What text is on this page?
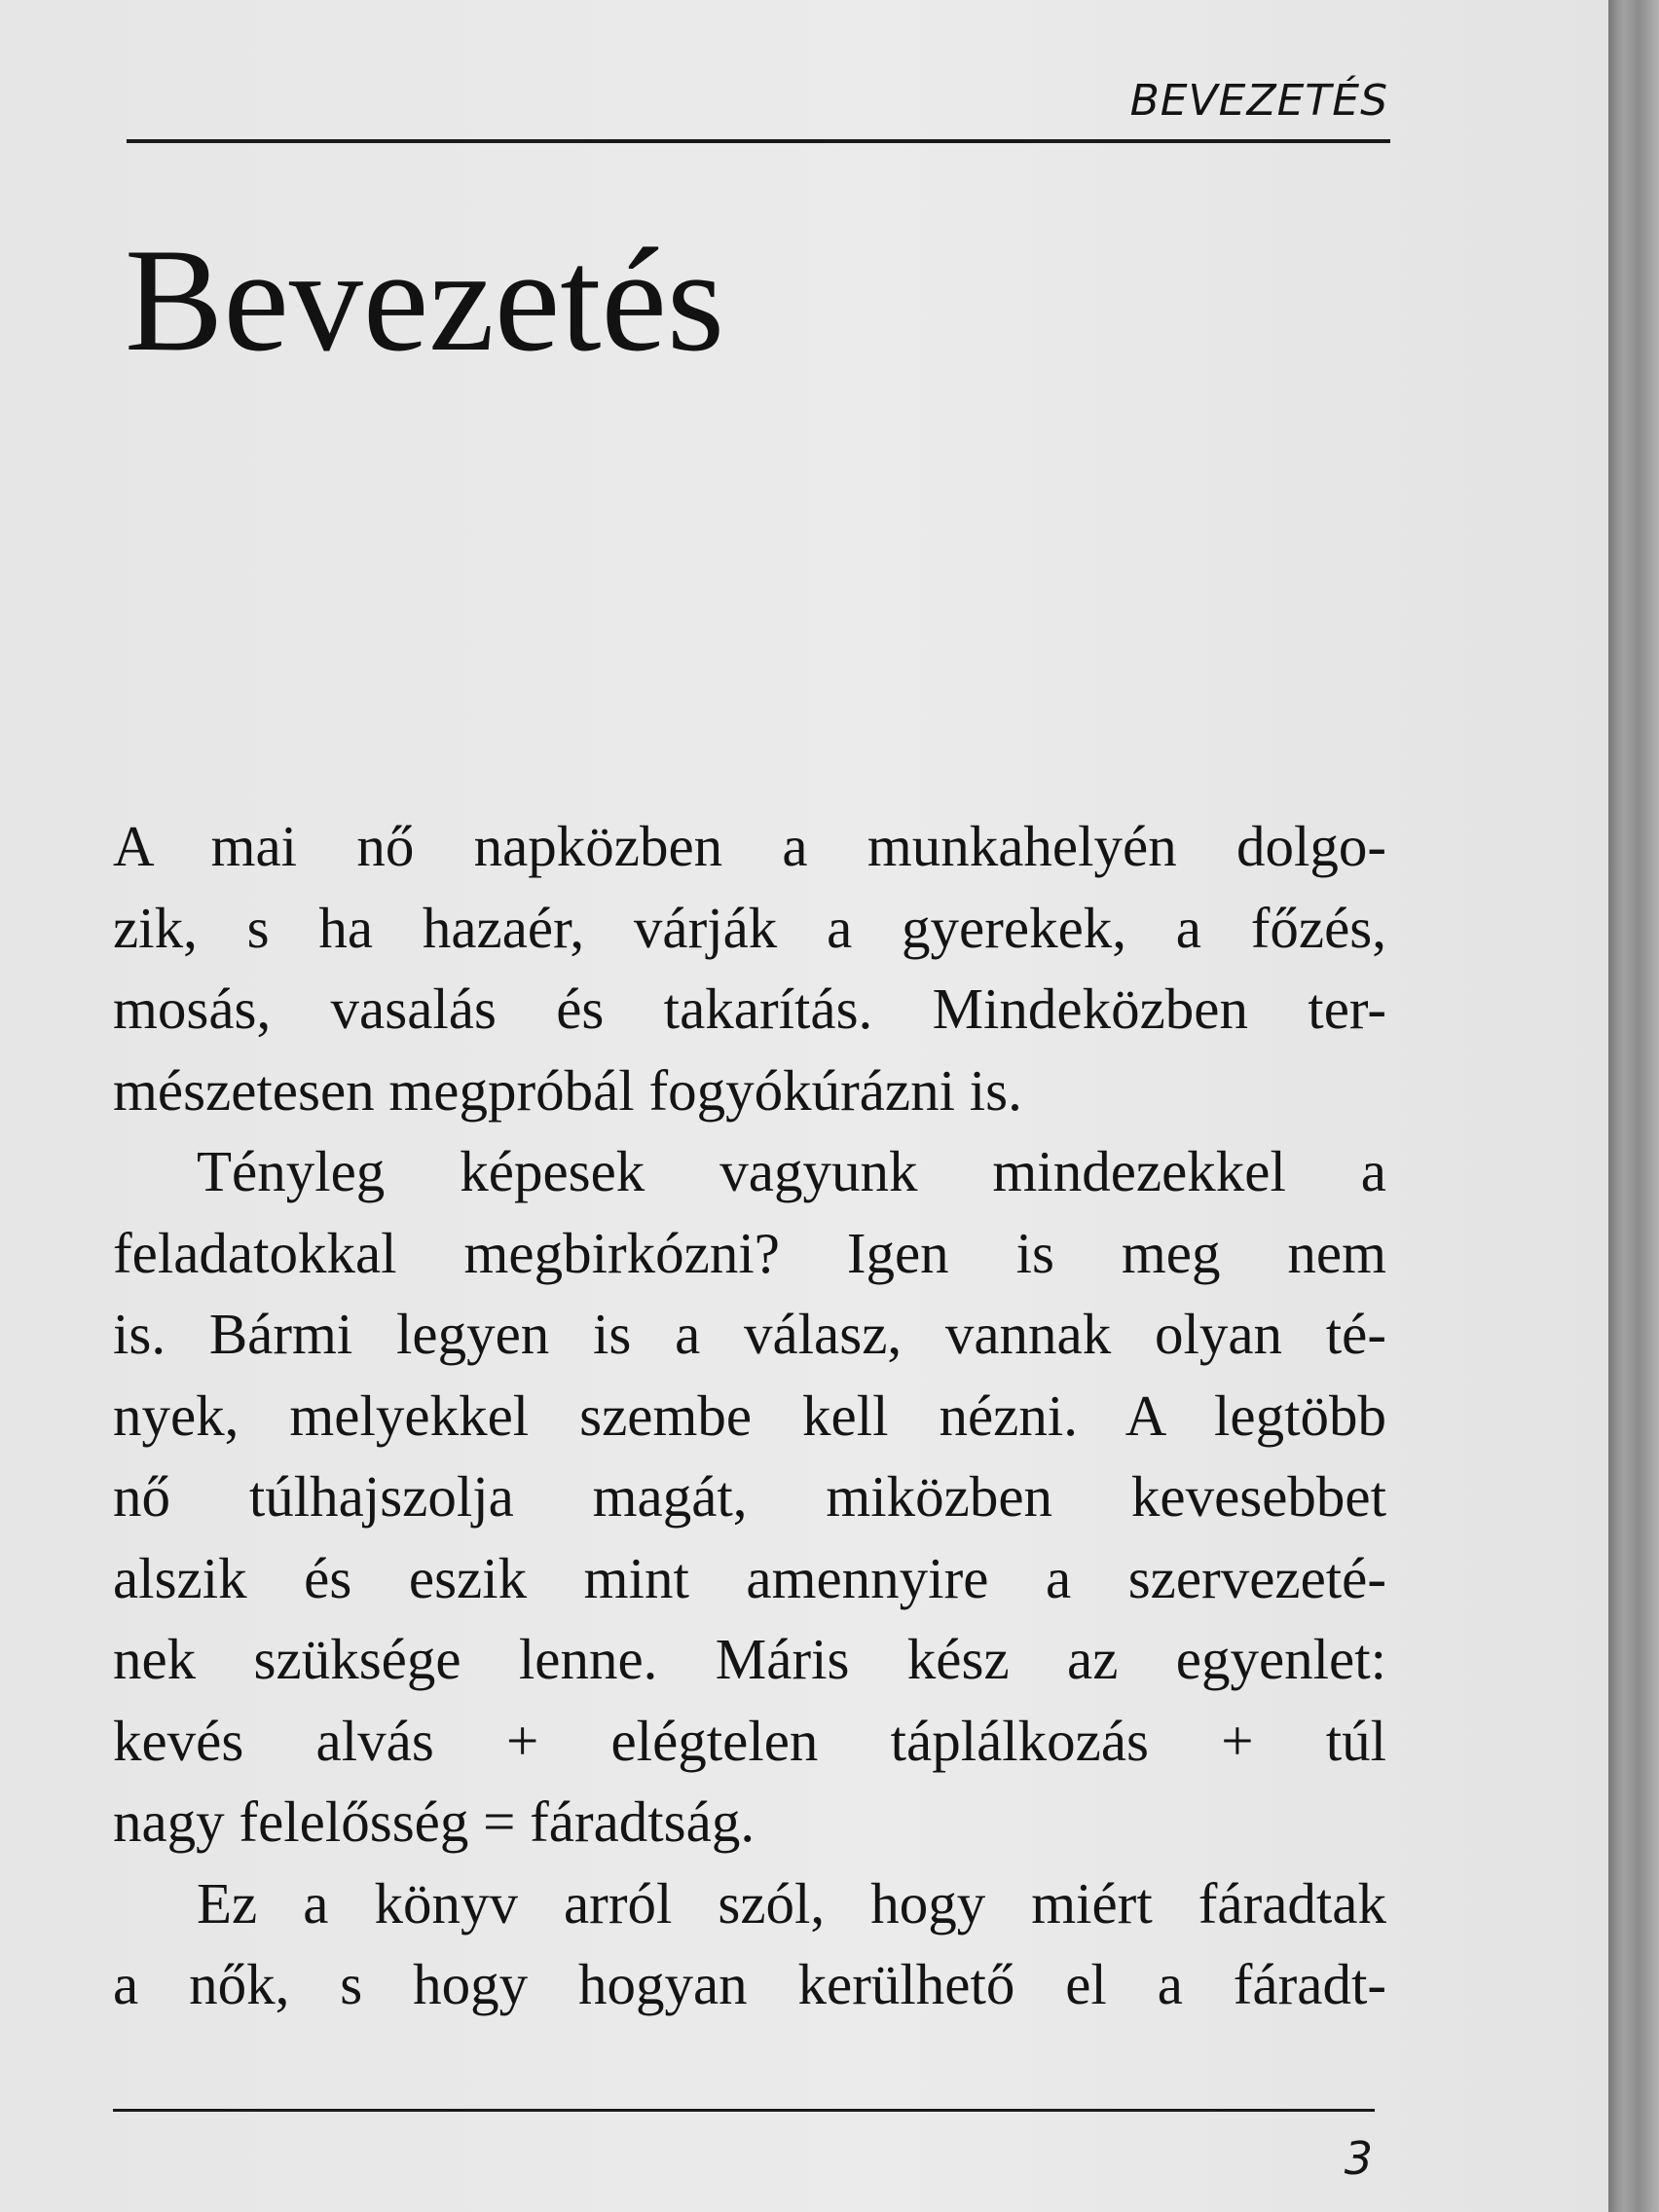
BEVEZETÉS
Bevezetés
A mai nő napközben a munkahelyén dolgo-
zik, s ha hazaér, várják a gyerekek, a főzés,
mosás, vasalás és takarítás. Mindeközben ter-
mészetesen megpróbál fogyókúrázni is.
Tényleg képesek vagyunk mindezekkel a
feladatokkal megbirkózni? Igen is meg nem
is. Bármi legyen is a válasz, vannak olyan té-
nyek, melyekkel szembe kell nézni. A legtöbb
nő túlhajszolja magát, miközben kevesebbet
alszik és eszik mint amennyire a szervezeté-
nek szüksége lenne. Máris kész az egyenlet:
kevés alvás + elégtelen táplálkozás + túl
nagy felelősség = fáradtság.
Ez a könyv arról szól, hogy miért fáradtak
a nők, s hogy hogyan kerülhető el a fáradt-
3
